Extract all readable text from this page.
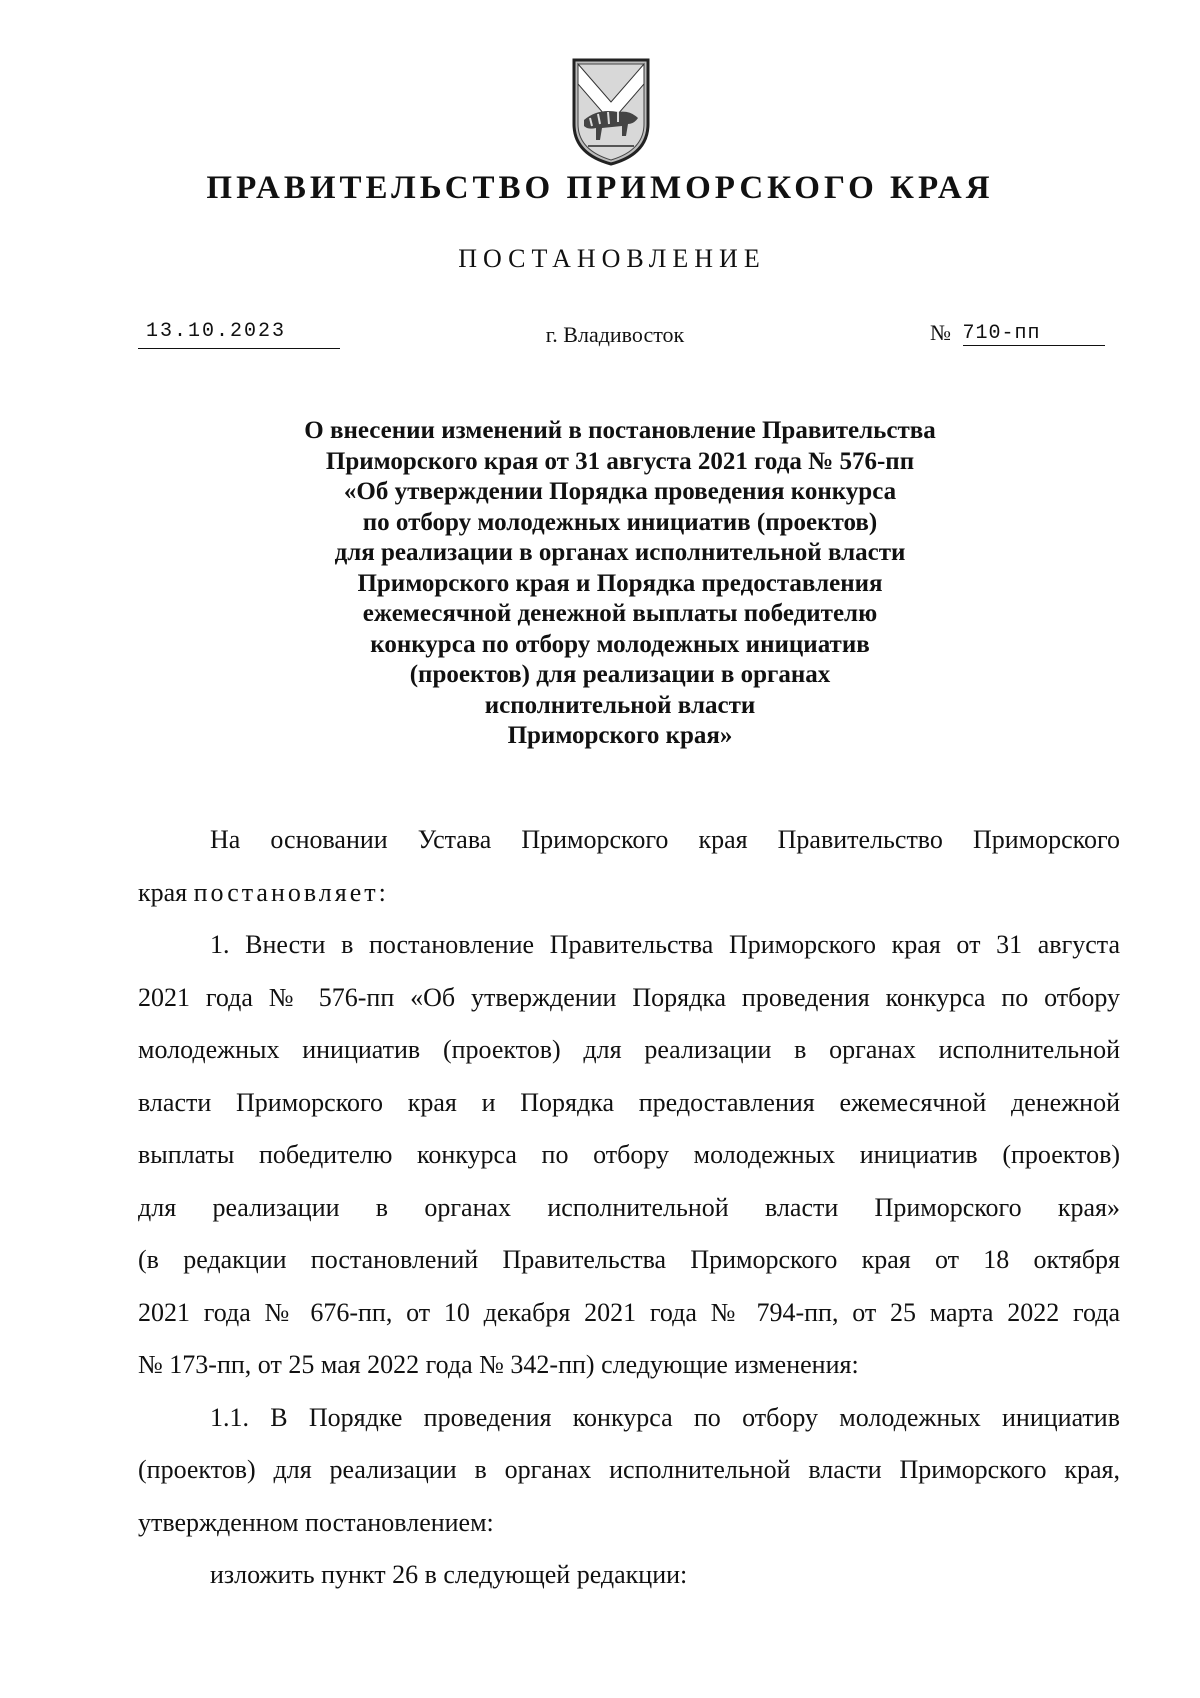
ПРАВИТЕЛЬСТВО ПРИМОРСКОГО КРАЯ
ПОСТАНОВЛЕНИЕ
13.10.2023	г. Владивосток	№ 710-пп
О внесении изменений в постановление Правительства
Приморского края от 31 августа 2021 года № 576-пп
«Об утверждении Порядка проведения конкурса
по отбору молодежных инициатив (проектов)
для реализации в органах исполнительной власти
Приморского края и Порядка предоставления
ежемесячной денежной выплаты победителю
конкурса по отбору молодежных инициатив
(проектов) для реализации в органах
исполнительной власти
Приморского края»
На основании Устава Приморского края Правительство Приморского
края постановляет:
1. Внести в постановление Правительства Приморского края от 31 августа
2021 года № 576-пп «Об утверждении Порядка проведения конкурса по отбору
молодежных инициатив (проектов) для реализации в органах исполнительной
власти Приморского края и Порядка предоставления ежемесячной денежной
выплаты победителю конкурса по отбору молодежных инициатив (проектов)
для реализации в органах исполнительной власти Приморского края»
(в редакции постановлений Правительства Приморского края от 18 октября
2021 года № 676-пп, от 10 декабря 2021 года № 794-пп, от 25 марта 2022 года
№ 173-пп, от 25 мая 2022 года № 342-пп) следующие изменения:
1.1. В Порядке проведения конкурса по отбору молодежных инициатив
(проектов) для реализации в органах исполнительной власти Приморского края,
утвержденном постановлением:
изложить пункт 26 в следующей редакции:
